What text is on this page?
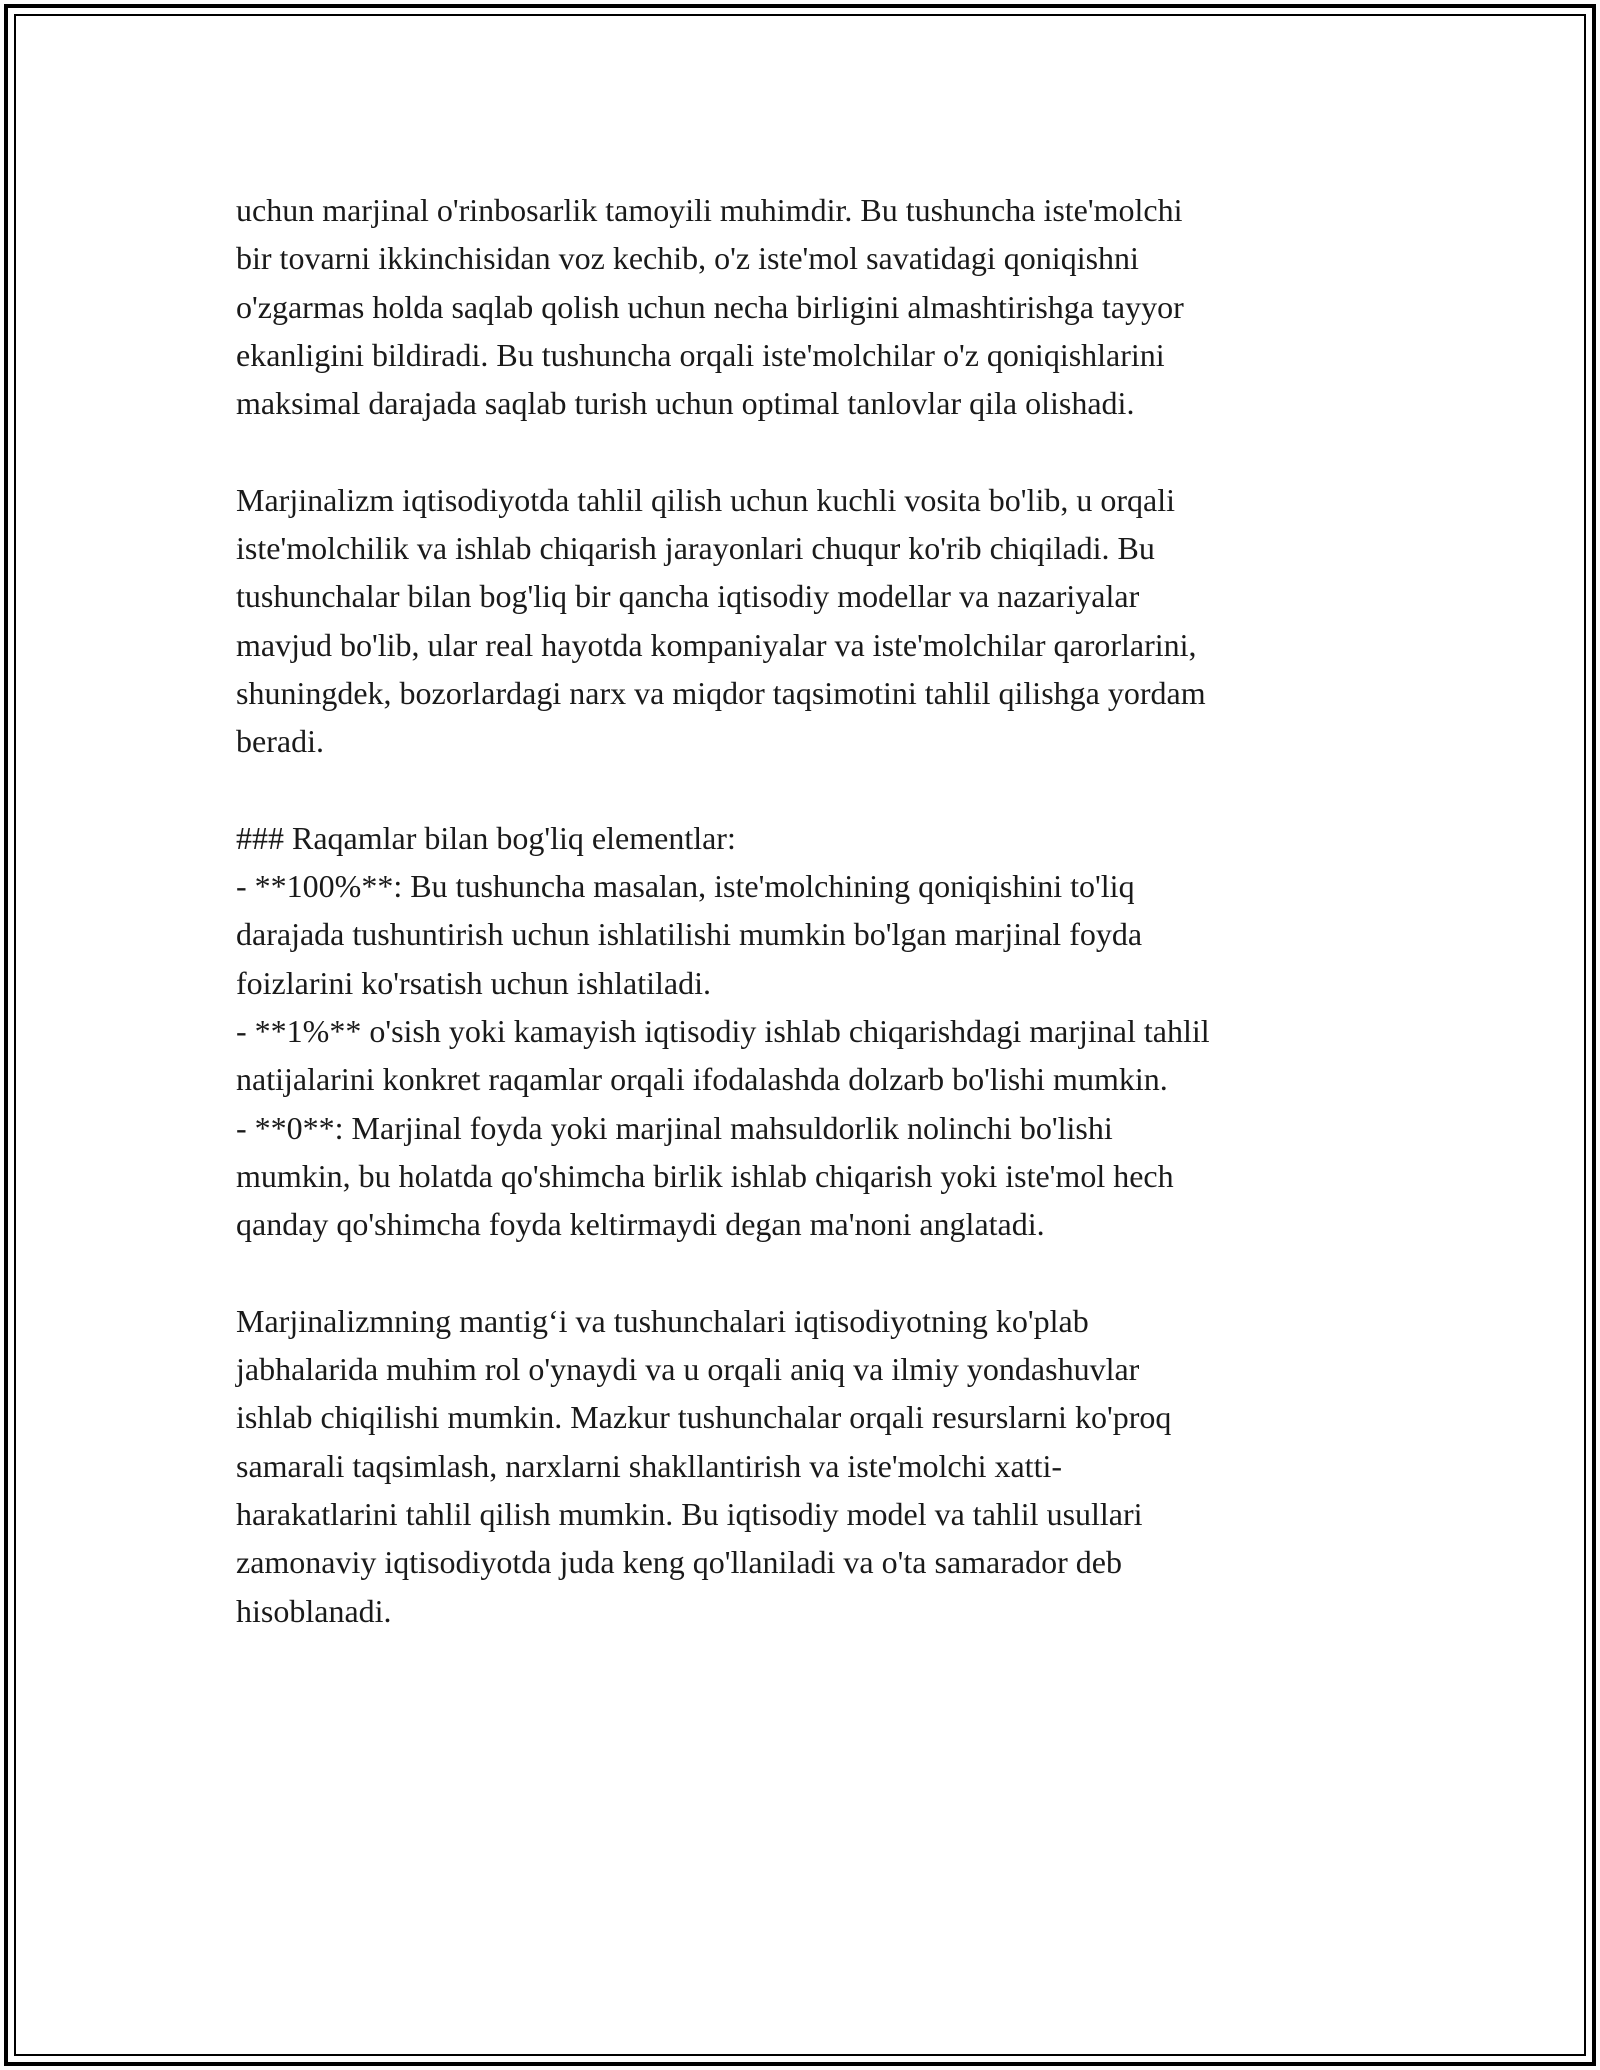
uchun marjinal o'rinbosarlik tamoyili muhimdir. Bu tushuncha iste'molchi
bir tovarni ikkinchisidan voz kechib, o'z iste'mol savatidagi qoniqishni
o'zgarmas holda saqlab qolish uchun necha birligini almashtirishga tayyor
ekanligini bildiradi. Bu tushuncha orqali iste'molchilar o'z qoniqishlarini
maksimal darajada saqlab turish uchun optimal tanlovlar qila olishadi.
Marjinalizm iqtisodiyotda tahlil qilish uchun kuchli vosita bo'lib, u orqali
iste'molchilik va ishlab chiqarish jarayonlari chuqur ko'rib chiqiladi. Bu
tushunchalar bilan bog'liq bir qancha iqtisodiy modellar va nazariyalar
mavjud bo'lib, ular real hayotda kompaniyalar va iste'molchilar qarorlarini,
shuningdek, bozorlardagi narx va miqdor taqsimotini tahlil qilishga yordam
beradi.
### Raqamlar bilan bog'liq elementlar:
- **100%**: Bu tushuncha masalan, iste'molchining qoniqishini to'liq
darajada tushuntirish uchun ishlatilishi mumkin bo'lgan marjinal foyda
foizlarini ko'rsatish uchun ishlatiladi.
- **1%** o'sish yoki kamayish iqtisodiy ishlab chiqarishdagi marjinal tahlil
natijalarini konkret raqamlar orqali ifodalashda dolzarb bo'lishi mumkin.
- **0**: Marjinal foyda yoki marjinal mahsuldorlik nolinchi bo'lishi
mumkin, bu holatda qo'shimcha birlik ishlab chiqarish yoki iste'mol hech
qanday qo'shimcha foyda keltirmaydi degan ma'noni anglatadi.
Marjinalizmning mantig‘i va tushunchalari iqtisodiyotning ko'plab
jabhalarida muhim rol o'ynaydi va u orqali aniq va ilmiy yondashuvlar
ishlab chiqilishi mumkin. Mazkur tushunchalar orqali resurslarni ko'proq
samarali taqsimlash, narxlarni shakllantirish va iste'molchi xatti-
harakatlarini tahlil qilish mumkin. Bu iqtisodiy model va tahlil usullari
zamonaviy iqtisodiyotda juda keng qo'llaniladi va o'ta samarador deb
hisoblanadi.
